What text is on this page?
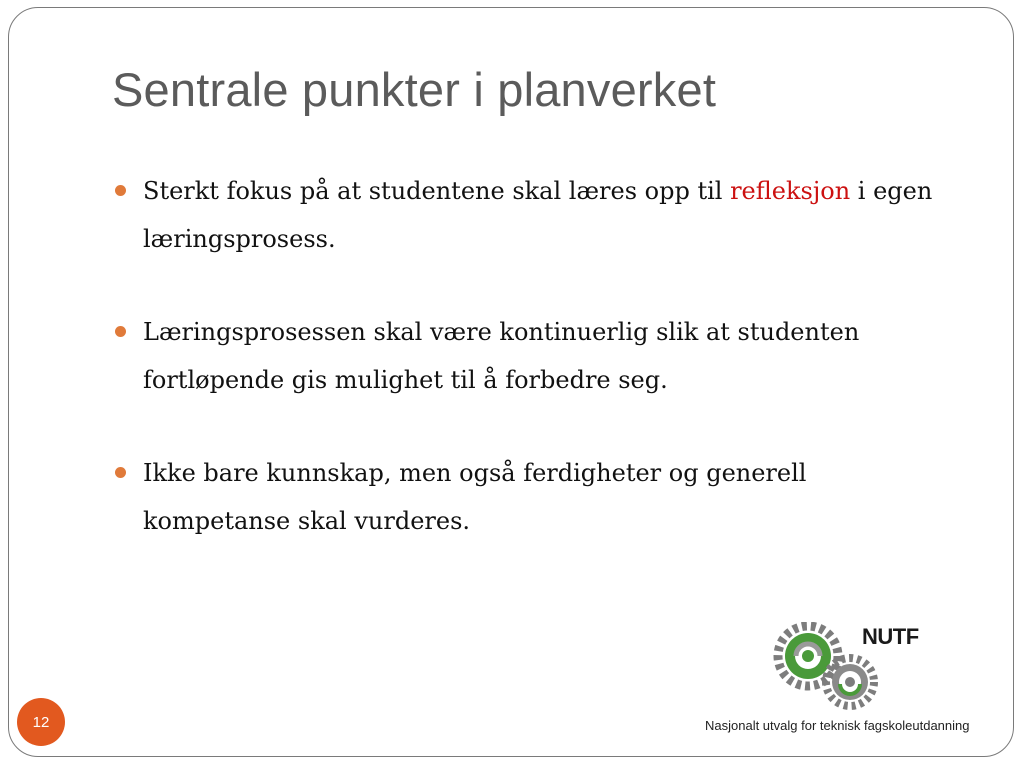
Sentrale punkter i planverket
Sterkt fokus på at studentene skal læres opp til refleksjon i egen læringsprosess.
Læringsprosessen skal være kontinuerlig slik at studenten fortløpende gis mulighet til å forbedre seg.
Ikke bare kunnskap, men også ferdigheter og generell kompetanse skal vurderes.
12
NUTF
Nasjonalt utvalg for teknisk fagskoleutdanning
